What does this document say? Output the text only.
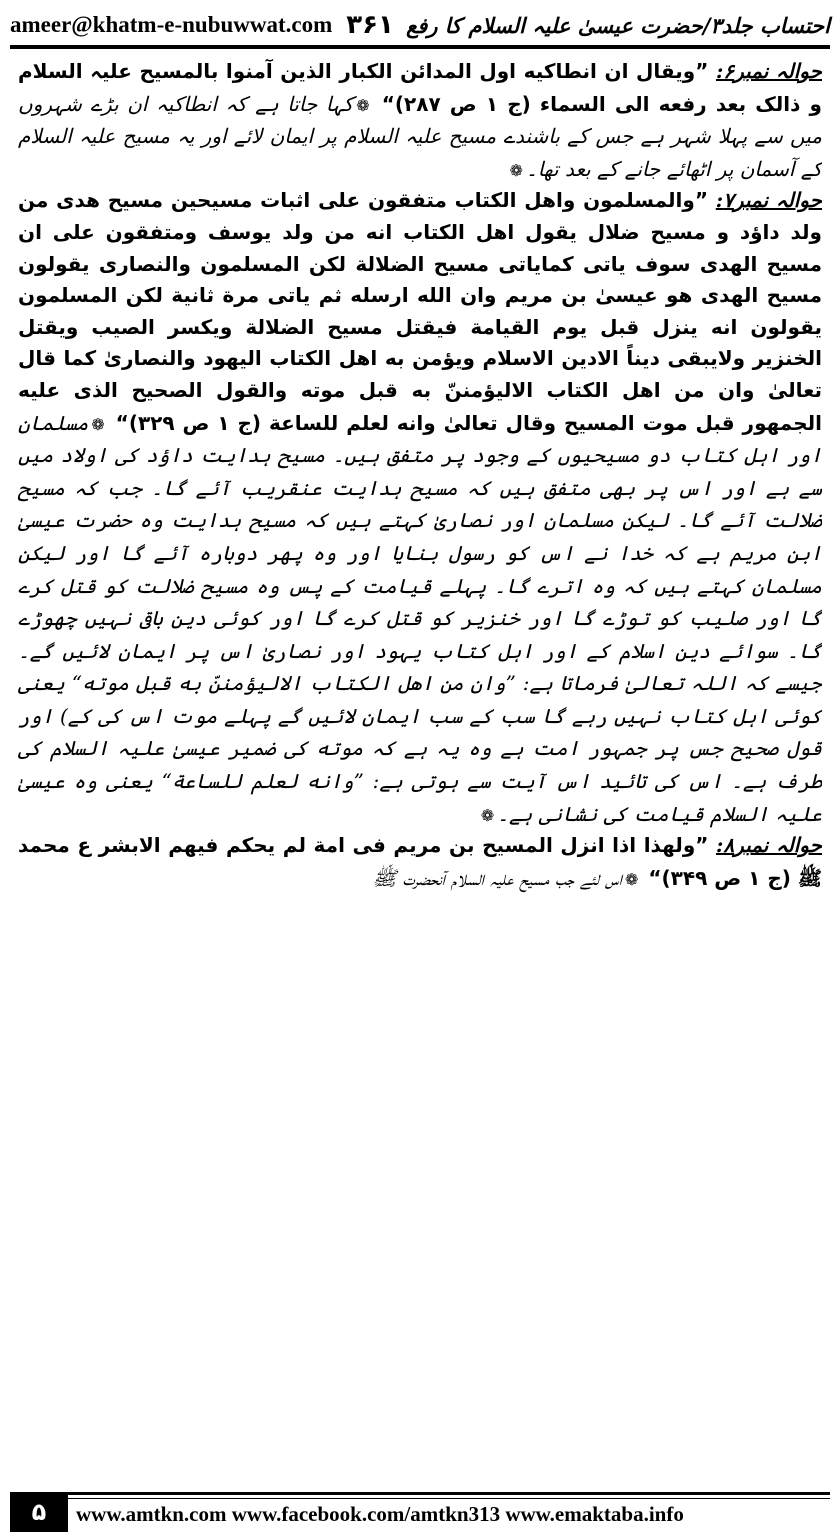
ameer@khatm-e-nubuwwat.com ۳۶۱ احتساب جلد۳/حضرت عیسیٰ علیہ السلام کا رفع

حوالہ نمبر۶: ”ویقال ان انطاکیه اول المدائن الکبار الذین آمنوا بالمسیح علیہ السلام و ذالک بعد رفعه الی السماء (ج ۱ ص ۲۸۷)“ ❁کہا جاتا ہے کہ انطاکیہ ان بڑے شہروں میں سے پہلا شہر ہے جس کے باشندے مسیح علیہ السلام پر ایمان لائے اور یہ مسیح علیہ السلام کے آسمان پر اٹھائے جانے کے بعد تھا۔❁

حوالہ نمبر۷: ”والمسلمون واهل الکتاب متفقون علی اثبات مسیحین مسیح هدی من ولد داؤد و مسیح ضلال یقول اهل الکتاب انه من ولد یوسف ومتفقون علی ان مسیح الهدی سوف یاتی کمایاتی مسیح الضلالة لکن المسلمون والنصاری یقولون مسیح الهدی هو عیسیٰ بن مریم وان الله ارسله ثم یاتی مرة ثانیة لکن المسلمون یقولون انه ینزل قبل یوم القیامة فیقتل مسیح الضلالة ویکسر الصیب ویقتل الخنزیر ولایبقی دیناً الادین الاسلام ویؤمن به اهل الکتاب الیهود والنصاریٰ کما قال تعالیٰ وان من اهل الکتاب الالیؤمننّ به قبل موته والقول الصحیح الذی علیه الجمهور قبل موت المسیح وقال تعالیٰ وانه لعلم للساعة (ج ۱ ص ۳۲۹)“ ❁مسلمان اور اہل کتاب دو مسیحیوں کے وجود پر متفق ہیں۔ مسیح ہدایت داؤد کی اولاد میں سے ہے اور اس پر بھی متفق ہیں کہ مسیح ہدایت عنقریب آئے گا۔ جب کہ مسیح ضلالت آئے گا۔ لیکن مسلمان اور نصاریٰ کہتے ہیں کہ مسیح ہدایت وہ حضرت عیسیٰ ابن مریم ہے کہ خدا نے اس کو رسول بنایا اور وہ پھر دوبارہ آئے گا اور لیکن مسلمان کہتے ہیں کہ وہ اترے گا۔ پہلے قیامت کے پس وہ مسیح ضلالت کو قتل کرے گا اور صلیب کو توڑے گا اور خنزیر کو قتل کرے گا اور کوئی دین باقی نہیں چھوڑے گا۔ سوائے دین اسلام کے اور اہل کتاب یہود اور نصاریٰ اس پر ایمان لائیں گے۔ جیسے کہ اللہ تعالیٰ فرماتا ہے: ”وان من اهل الکتاب الالیؤمننّ به قبل موته“ یعنی کوئی اہل کتاب نہیں رہے گا سب کے سب ایمان لائیں گے پہلے موت اس کی کے) اور قول صحیح جس پر جمہور امت ہے وہ یہ ہے کہ موته کی ضمیر عیسیٰ علیہ السلام کی طرف ہے۔ اس کی تائید اس آیت سے ہوتی ہے: ”وانه لعلم للساعة“ یعنی وہ عیسیٰ علیہ السلام قیامت کی نشانی ہے۔❁

حوالہ نمبر۸: ”ولهذا اذا انزل المسیح بن مریم فی امة لم یحکم فیهم الابشر ع محمد ﷺ (ج ۱ ص ۳۴۹)“ ❁اس لئے جب مسیح علیہ السلام آنحضرت ﷺ

۵	www.amtkn.com www.facebook.com/amtkn313 www.emaktaba.info
